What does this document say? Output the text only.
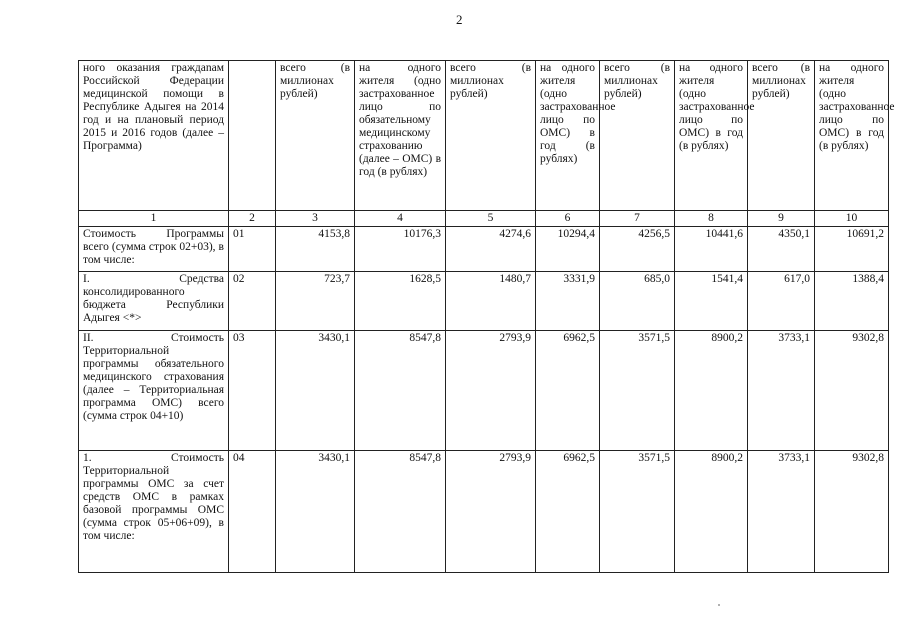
2
ного оказания граждаnам Российской Федерации медицинской помощи в Республике Адыгея на 2014 год и на плановый период 2015 и 2016 годов (далее – Программа)		всего (в миллионах рублей)	на одного жителя (одно застрахованное лицо по обязательному медицинскому страхованию (далее – ОМС) в год (в рублях)	всего (в миллионах рублей)	на одного жителя (одно застрахованное лицо по ОМС) в год (в рублях)	всего (в миллионах рублей)	на одного жителя (одно застрахованное лицо по ОМС) в год (в рублях)	всего (в миллионах рублей)	на одного жителя (одно застрахованное лицо по ОМС) в год (в рублях)
1	2	3	4	5	6	7	8	9	10
Стоимость Программы всего (сумма строк 02+03), в том числе:	01	4153,8	10176,3	4274,6	10294,4	4256,5	10441,6	4350,1	10691,2
I. Средства консолидированного бюджета Республики Адыгея <*>	02	723,7	1628,5	1480,7	3331,9	685,0	1541,4	617,0	1388,4
II. Стоимость Территориальной программы обязательного медицинского страхования (далее – Территориальная программа ОМС) всего (сумма строк 04+10)	03	3430,1	8547,8	2793,9	6962,5	3571,5	8900,2	3733,1	9302,8
1. Стоимость Территориальной программы ОМС за счет средств ОМС в рамках базовой программы ОМС (сумма строк 05+06+09), в том числе:	04	3430,1	8547,8	2793,9	6962,5	3571,5	8900,2	3733,1	9302,8
